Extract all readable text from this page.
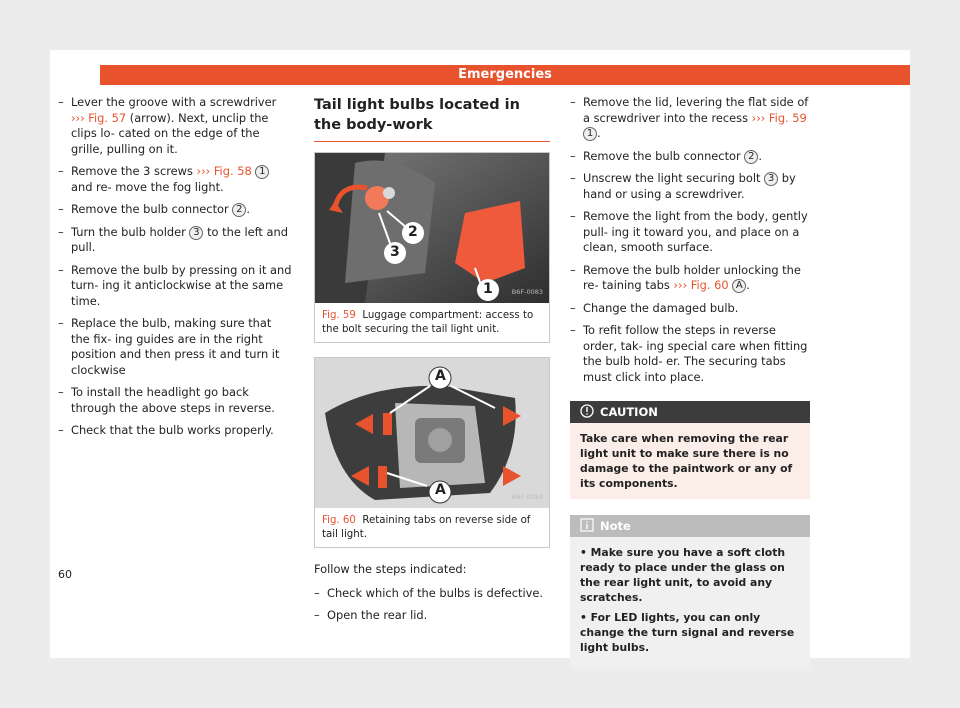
Emergencies
– Lever the groove with a screwdriver ››› Fig. 57 (arrow). Next, unclip the clips lo- cated on the edge of the grille, pulling on it.
– Remove the 3 screws ››› Fig. 58 1 and re- move the fog light.
– Remove the bulb connector 2 .
– Turn the bulb holder 3 to the left and pull.
– Remove the bulb by pressing on it and turn- ing it anticlockwise at the same time.
– Replace the bulb, making sure that the fix- ing guides are in the right position and then press it and turn it clockwise
– To install the headlight go back through the above steps in reverse.
– Check that the bulb works properly.
Tail light bulbs located in the body-work
2
3
1	B6F-0083
Fig. 59 Luggage compartment: access to the bolt securing the tail light unit.
A
A	B6F-0084
Fig. 60 Retaining tabs on reverse side of tail light.
Follow the steps indicated:
– Check which of the bulbs is defective.
– Open the rear lid.
– Remove the lid, levering the flat side of a screwdriver into the recess ››› Fig. 59 1 .
– Remove the bulb connector 2 .
– Unscrew the light securing bolt 3 by hand or using a screwdriver.
– Remove the light from the body, gently pull- ing it toward you, and place on a clean, smooth surface.
– Remove the bulb holder unlocking the re- taining tabs ››› Fig. 60 A .
– Change the damaged bulb.
– To refit follow the steps in reverse order, tak- ing special care when fitting the bulb hold- er. The securing tabs must click into place.
CAUTION
Take care when removing the rear light unit to make sure there is no damage to the paintwork or any of its components.
Note

• Make sure you have a soft cloth ready to place under the glass on the rear light unit, to avoid any scratches.

• For LED lights, you can only change the turn signal and reverse light bulbs.

60
